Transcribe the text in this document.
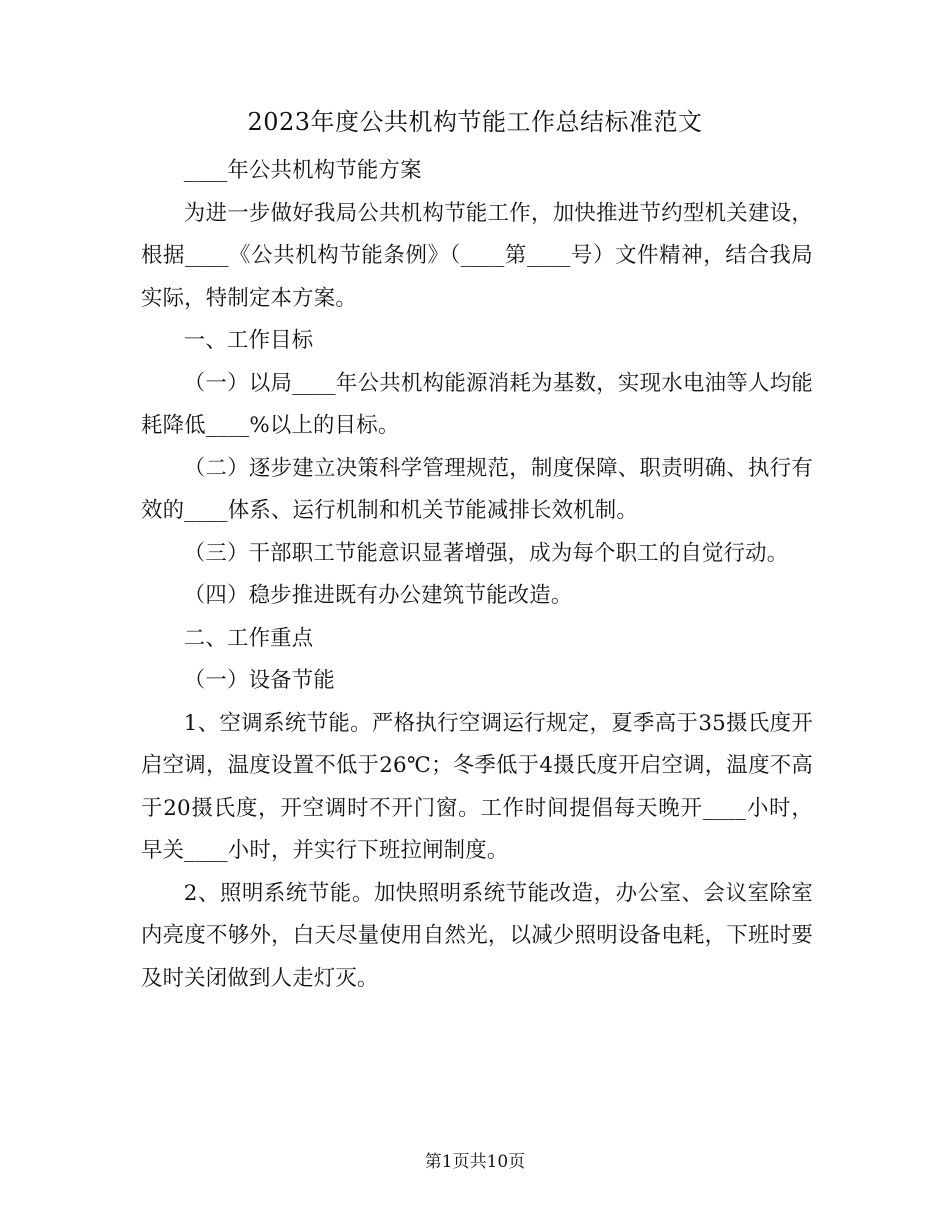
2023年度公共机构节能工作总结标准范文

____年公共机构节能方案

为进一步做好我局公共机构节能工作，加快推进节约型机关建设，根据____《公共机构节能条例》（____第____号）文件精神，结合我局实际，特制定本方案。

一、工作目标

（一）以局____年公共机构能源消耗为基数，实现水电油等人均能耗降低____%以上的目标。

（二）逐步建立决策科学管理规范，制度保障、职责明确、执行有效的____体系、运行机制和机关节能减排长效机制。

（三）干部职工节能意识显著增强，成为每个职工的自觉行动。

（四）稳步推进既有办公建筑节能改造。

二、工作重点

（一）设备节能

1、空调系统节能。严格执行空调运行规定，夏季高于35摄氏度开启空调，温度设置不低于26℃；冬季低于4摄氏度开启空调，温度不高于20摄氏度，开空调时不开门窗。工作时间提倡每天晚开____小时，早关____小时，并实行下班拉闸制度。

2、照明系统节能。加快照明系统节能改造，办公室、会议室除室内亮度不够外，白天尽量使用自然光，以减少照明设备电耗，下班时要及时关闭做到人走灯灭。

第1页共10页
